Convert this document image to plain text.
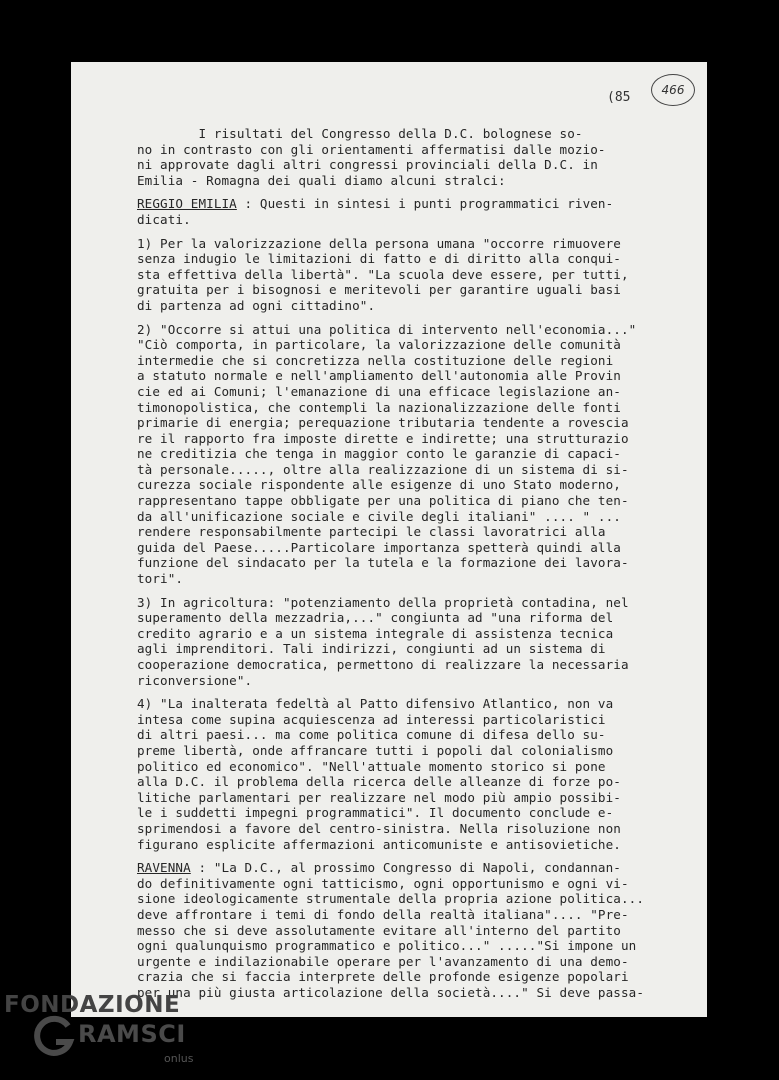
(85	466
I risultati del Congresso della D.C. bolognese so-
no in contrasto con gli orientamenti affermatisi dalle mozio-
ni approvate dagli altri congressi provinciali della D.C. in
Emilia - Romagna dei quali diamo alcuni stralci:
REGGIO EMILIA : Questi in sintesi i punti programmatici riven-
dicati.
1) Per la valorizzazione della persona umana "occorre rimuovere
senza indugio le limitazioni di fatto e di diritto alla conqui-
sta effettiva della libertà". "La scuola deve essere, per tutti,
gratuita per i bisognosi e meritevoli per garantire uguali basi
di partenza ad ogni cittadino".
2) "Occorre si attui una politica di intervento nell'economia..."
"Ciò comporta, in particolare, la valorizzazione delle comunità
intermedie che si concretizza nella costituzione delle regioni
a statuto normale e nell'ampliamento dell'autonomia alle Provin
cie ed ai Comuni; l'emanazione di una efficace legislazione an-
timonopolistica, che contempli la nazionalizzazione delle fonti
primarie di energia; perequazione tributaria tendente a rovescia
re il rapporto fra imposte dirette e indirette; una strutturazio
ne creditizia che tenga in maggior conto le garanzie di capaci-
tà personale....., oltre alla realizzazione di un sistema di si-
curezza sociale rispondente alle esigenze di uno Stato moderno,
rappresentano tappe obbligate per una politica di piano che ten-
da all'unificazione sociale e civile degli italiani" .... " ...
rendere responsabilmente partecipi le classi lavoratrici alla
guida del Paese.....Particolare importanza spetterà quindi alla
funzione del sindacato per la tutela e la formazione dei lavora-
tori".
3) In agricoltura: "potenziamento della proprietà contadina, nel
superamento della mezzadria,..." congiunta ad "una riforma del
credito agrario e a un sistema integrale di assistenza tecnica
agli imprenditori. Tali indirizzi, congiunti ad un sistema di
cooperazione democratica, permettono di realizzare la necessaria
riconversione".
4) "La inalterata fedeltà al Patto difensivo Atlantico, non va
intesa come supina acquiescenza ad interessi particolaristici
di altri paesi... ma come politica comune di difesa dello su-
preme libertà, onde affrancare tutti i popoli dal colonialismo
politico ed economico". "Nell'attuale momento storico si pone
alla D.C. il problema della ricerca delle alleanze di forze po-
litiche parlamentari per realizzare nel modo più ampio possibi-
le i suddetti impegni programmatici". Il documento conclude e-
sprimendosi a favore del centro-sinistra. Nella risoluzione non
figurano esplicite affermazioni anticomuniste e antisovietiche.
RAVENNA : "La D.C., al prossimo Congresso di Napoli, condannan-
do definitivamente ogni tatticismo, ogni opportunismo e ogni vi-
sione ideologicamente strumentale della propria azione politica...
deve affrontare i temi di fondo della realtà italiana".... "Pre-
messo che si deve assolutamente evitare all'interno del partito
ogni qualunquismo programmatico e politico..." ....."Si impone un
urgente e indilazionabile operare per l'avanzamento di una demo-
crazia che si faccia interprete delle profonde esigenze popolari
per una più giusta articolazione della società...." Si deve passa-
FONDAZIONE
RAMSCI
onlus
